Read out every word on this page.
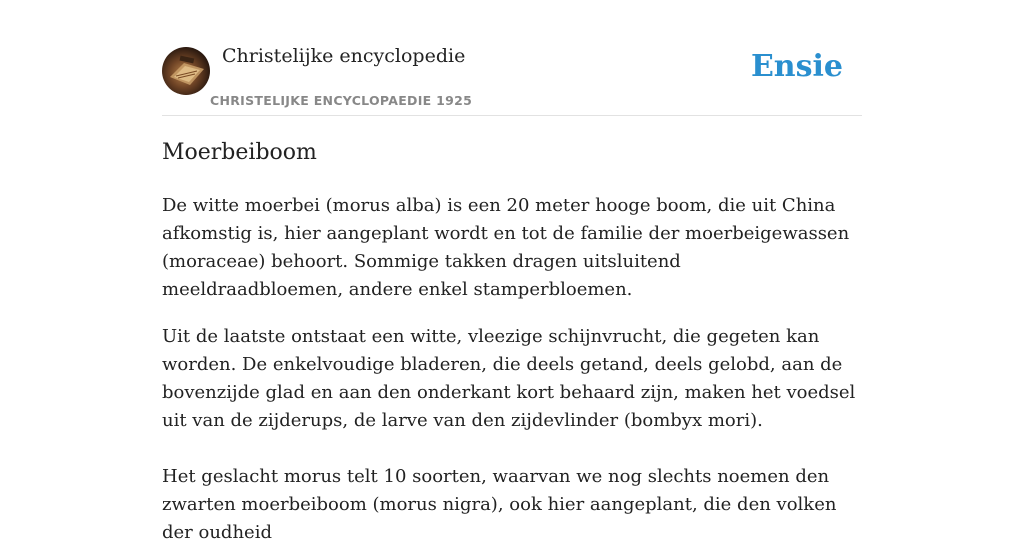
Christelijke encyclopedie
CHRISTELIJKE ENCYCLOPAEDIE 1925
Ensie
Moerbeiboom

De witte moerbei (morus alba) is een 20 meter hooge boom, die uit China afkomstig is, hier aangeplant wordt en tot de familie der moerbeigewassen (moraceae) behoort. Sommige takken dragen uitsluitend meeldraadbloemen, andere enkel stamperbloemen.

Uit de laatste ontstaat een witte, vleezige schijnvrucht, die gegeten kan worden. De enkelvoudige bladeren, die deels getand, deels gelobd, aan de bovenzijde glad en aan den onderkant kort behaard zijn, maken het voedsel uit van de zijderups, de larve van den zijdevlinder (bombyx mori).

Het geslacht morus telt 10 soorten, waarvan we nog slechts noemen den zwarten moerbeiboom (morus nigra), ook hier aangeplant, die den volken der oudheid
